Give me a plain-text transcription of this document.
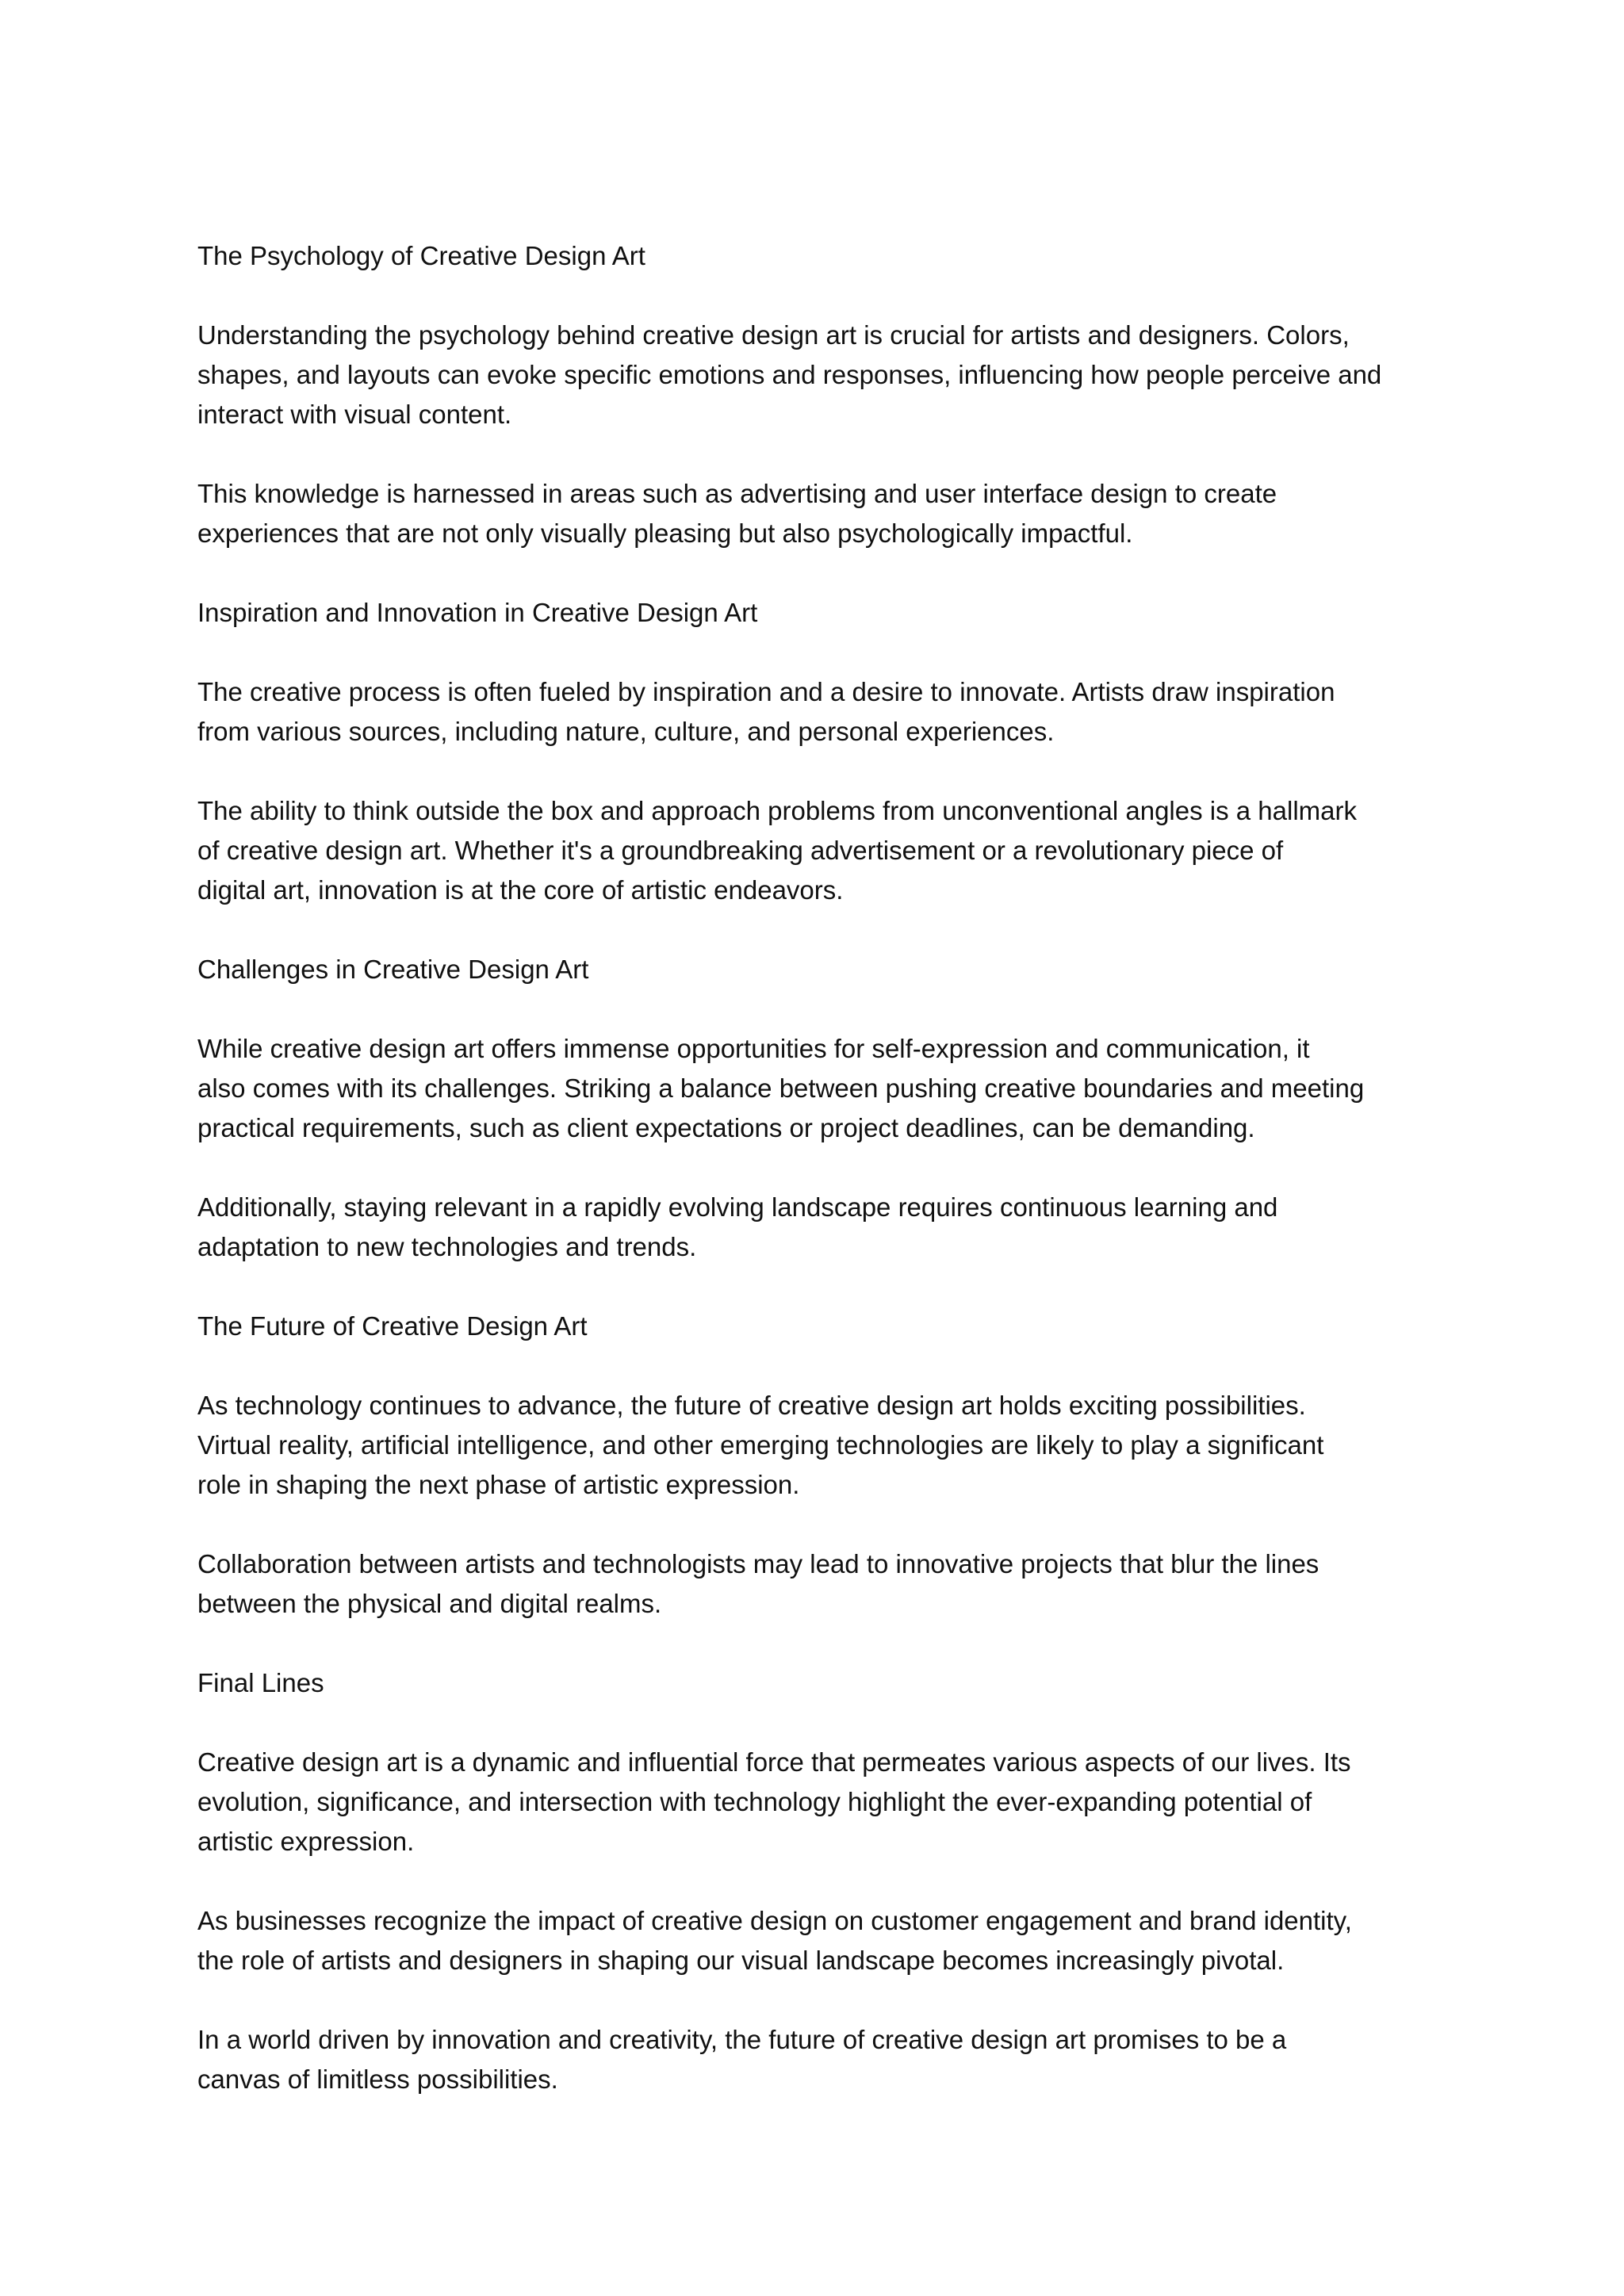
The Psychology of Creative Design Art
Understanding the psychology behind creative design art is crucial for artists and designers. Colors,
shapes, and layouts can evoke specific emotions and responses, influencing how people perceive and
interact with visual content.
This knowledge is harnessed in areas such as advertising and user interface design to create
experiences that are not only visually pleasing but also psychologically impactful.
Inspiration and Innovation in Creative Design Art
The creative process is often fueled by inspiration and a desire to innovate. Artists draw inspiration
from various sources, including nature, culture, and personal experiences.
The ability to think outside the box and approach problems from unconventional angles is a hallmark
of creative design art. Whether it's a groundbreaking advertisement or a revolutionary piece of
digital art, innovation is at the core of artistic endeavors.
Challenges in Creative Design Art
While creative design art offers immense opportunities for self-expression and communication, it
also comes with its challenges. Striking a balance between pushing creative boundaries and meeting
practical requirements, such as client expectations or project deadlines, can be demanding.
Additionally, staying relevant in a rapidly evolving landscape requires continuous learning and
adaptation to new technologies and trends.
The Future of Creative Design Art
As technology continues to advance, the future of creative design art holds exciting possibilities.
Virtual reality, artificial intelligence, and other emerging technologies are likely to play a significant
role in shaping the next phase of artistic expression.
Collaboration between artists and technologists may lead to innovative projects that blur the lines
between the physical and digital realms.
Final Lines
Creative design art is a dynamic and influential force that permeates various aspects of our lives. Its
evolution, significance, and intersection with technology highlight the ever-expanding potential of
artistic expression.
As businesses recognize the impact of creative design on customer engagement and brand identity,
the role of artists and designers in shaping our visual landscape becomes increasingly pivotal.
In a world driven by innovation and creativity, the future of creative design art promises to be a
canvas of limitless possibilities.
